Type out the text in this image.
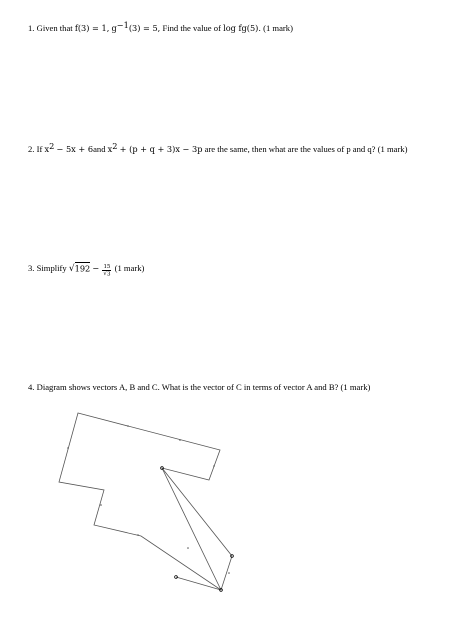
1. Given that f(3) = 1, $g^{-1}(3) = 5$, Find the value of log fg(5). (1 mark)
2. If $x^2 - 5x + 6and$ $x^2 + (p + q + 3)x - 3p$ are the same, then what are the values of p and q? (1 mark)
3. Simplify $√192 - \frac{15}{√3} (1$ mark)
4. Diagram shows vectors A, B and C. What is the vector of C in terms of vector A and B? (1 mark)
